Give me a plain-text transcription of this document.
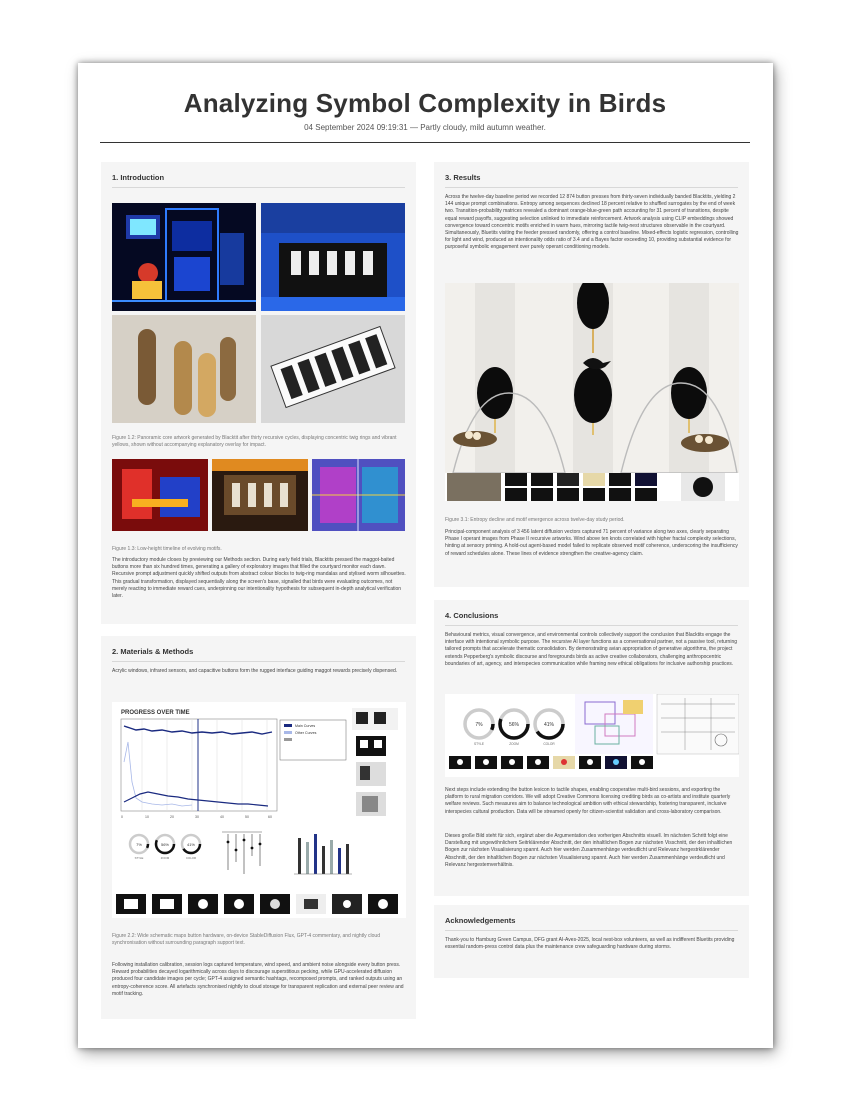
Analyzing Symbol Complexity in Birds
04 September 2024 09:19:31 — Partly cloudy, mild autumn weather.
1. Introduction

Figure 1.2: Panoramic core artwork generated by Blacktit after thirty recursive cycles, displaying concentric twig rings and vibrant yellows, shown without accompanying explanatory overlay for impact.

Figure 1.3: Low-height timeline of evolving motifs.

The introductory module closes by previewing our Methods section. During early field trials, Blacktits pressed the maggot-baited buttons more than six hundred times, generating a gallery of exploratory images that filled the courtyard monitor each dawn. Recursive prompt adjustment quickly shifted outputs from abstract colour blocks to twig-ring mandalas and stylised worm silhouettes. This gradual transformation, displayed sequentially along the screen's base, signalled that birds were evaluating outcomes, not merely reacting to immediate reward cues, underpinning our intentionality hypothesis for subsequent in-depth analytical verification later.

2. Materials & Methods

Acrylic windows, infrared sensors, and capacitive buttons form the rugged interface guiding maggot rewards precisely dispensed.

PROGRESS OVER TIME
0	10	20	30	40	50	60
Main Curves
Other Curves
7%
STYLE
56%
ZOOM
41%
COLOR

Figure 2.2: Wide schematic maps button hardware, on-device StableDiffusion Flux, GPT-4 commentary, and nightly cloud synchronisation without surrounding paragraph support text.

Following installation calibration, session logs captured temperature, wind speed, and ambient noise alongside every button press. Reward probabilities decayed logarithmically across days to discourage superstitious pecking, while GPU-accelerated diffusion produced four candidate images per cycle; GPT-4 assigned semantic hashtags, recomposed prompts, and ranked outputs using an entropy-coherence score. All artefacts synchronised nightly to cloud storage for transparent replication and external peer review and motif tracking.

3. Results

Across the twelve-day baseline period we recorded 12 874 button presses from thirty-seven individually banded Blacktits, yielding 2 144 unique prompt combinations. Entropy among sequences declined 18 percent relative to shuffled surrogates by the end of week two. Transition-probability matrices revealed a dominant orange-blue-green path accounting for 31 percent of transitions, despite equal reward payoffs, suggesting selection unlinked to immediate reinforcement. Artwork analysis using CLIP embeddings showed convergence toward concentric motifs enriched in warm hues, mirroring tactile twig-nest structures observable in the courtyard. Simultaneously, Bluetits visiting the feeder pressed randomly, offering a control baseline. Mixed-effects logistic regression, controlling for light and wind, produced an intentionality odds ratio of 3.4 and a Bayes factor exceeding 10, providing substantial evidence for purposeful symbolic engagement over purely operant conditioning models.

Figure 3.1: Entropy decline and motif emergence across twelve-day study period.

Principal-component analysis of 3 456 latent diffusion vectors captured 71 percent of variance along two axes, clearly separating Phase I operant images from Phase II recursive artworks. Wind above ten knots correlated with higher fractal complexity selections, hinting at sensory priming. A hold-out agent-based model failed to replicate observed motif coherence, underscoring the insufficiency of reward schedules alone. These lines of evidence strengthen the creative-agency claim.

4. Conclusions

Behavioural metrics, visual convergence, and environmental controls collectively support the conclusion that Blacktits engage the interface with intentional symbolic purpose. The recursive AI layer functions as a conversational partner, not a passive tool, returning tailored prompts that accelerate thematic consolidation. By demonstrating avian appropriation of generative algorithms, the project extends Pepperberg's symbolic discourse and foregrounds birds as active creative collaborators, challenging anthropocentric boundaries of art, agency, and interspecies communication while framing new ethical obligations for inclusive authorship practices.

7%
STYLE
56%
ZOOM
41%
COLOR

Next steps include extending the button lexicon to tactile shapes, enabling cooperative multi-bird sessions, and exporting the platform to rural migration corridors. We will adopt Creative Commons licensing crediting birds as co-artists and institute quarterly welfare reviews. Such measures aim to balance technological ambition with ethical stewardship, fostering transparent, inclusive interspecies cultural production. Data will be streamed openly for citizen-scientist validation and cross-laboratory comparison.

Dieses große Bild steht für sich, ergänzt aber die Argumentation des vorherigen Abschnitts visuell. Im nächsten Schritt folgt eine Darstellung mit ungewöhnlichem Seitrklärender Abschnitt, der den inhaltlichen Bogen zur nächsten Visschnitt, der den inhaltlichen Bogen zur nächsten Visualisierung spannt. Auch hier werden Zusammenhänge verdeutlicht und Relevanz hergestrklärender Abschnitt, der den inhaltlichen Bogen zur nächsten Visualisierung spannt. Auch hier werden Zusammenhänge verdeutlicht und Relevanz hergestemverhältnis.

Acknowledgements

Thank-you to Hamburg Green Campus, DFG grant AI-Aves-2025, local nest-box volunteers, as well as indifferent Bluetits providing essential random-press control data plus the maintenance crew safeguarding hardware during storms.
